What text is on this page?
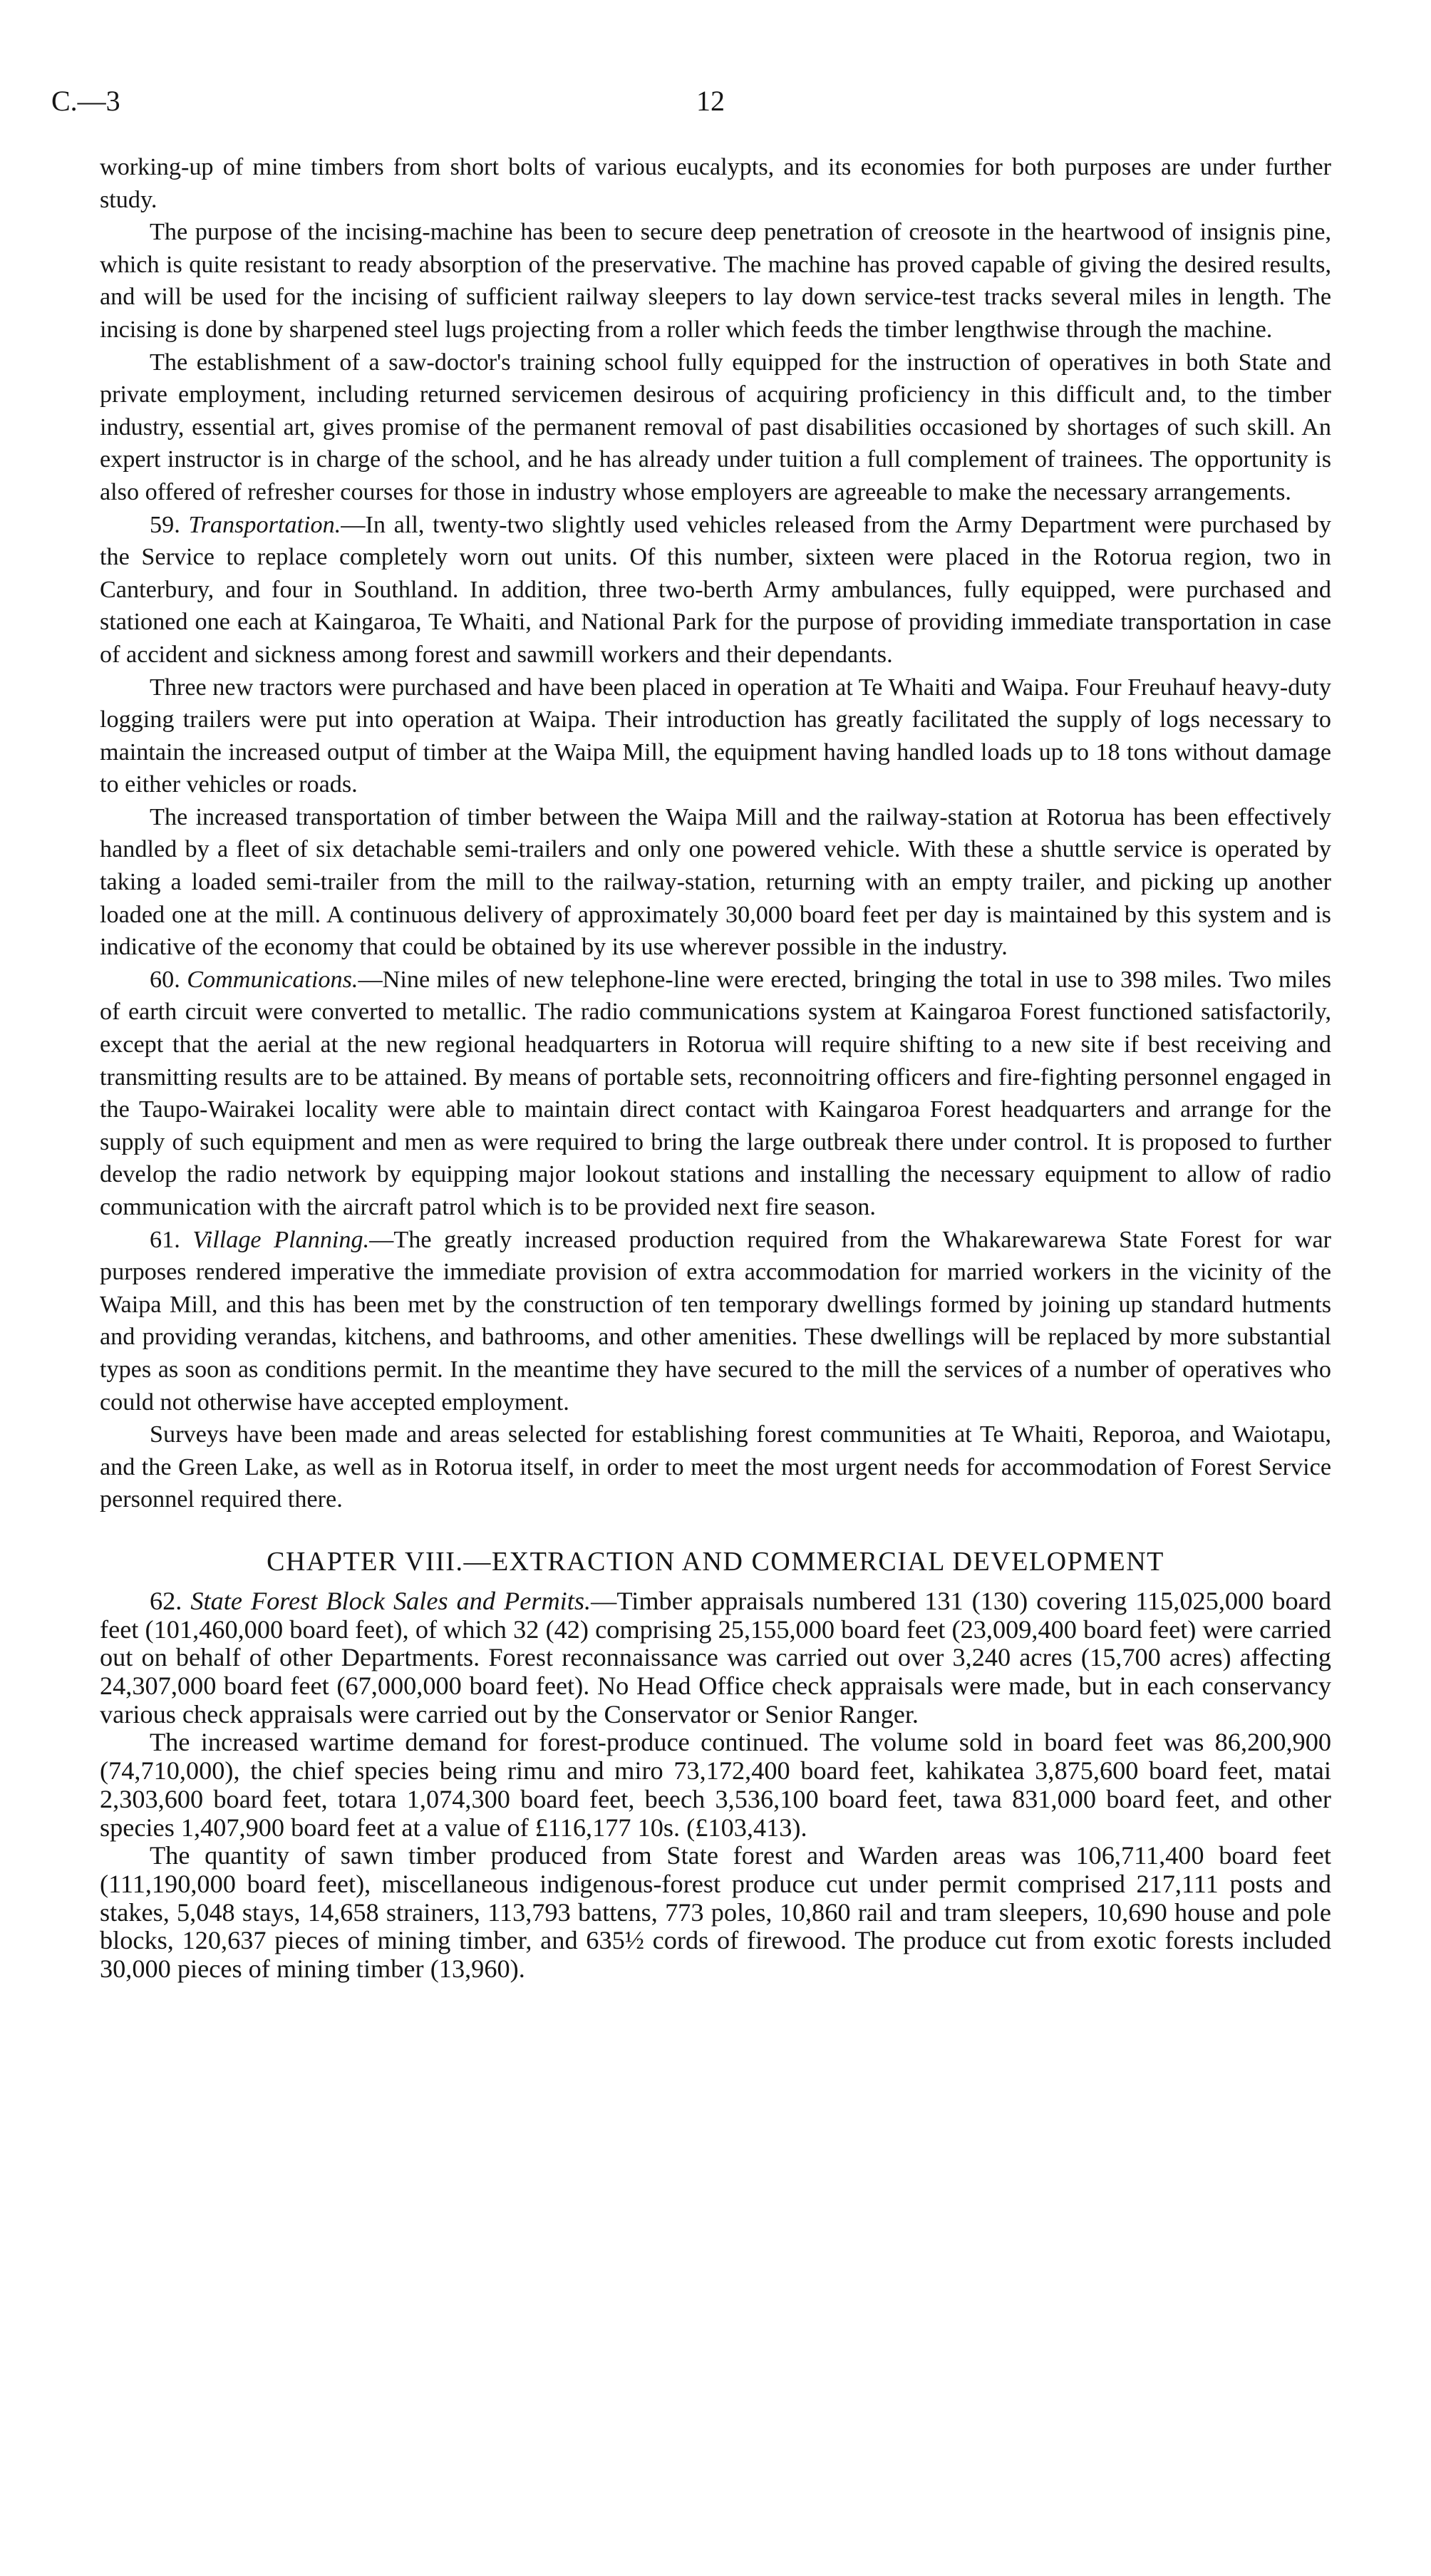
C.—3	12

working-up of mine timbers from short bolts of various eucalypts, and its economies for both purposes are under further study.

The purpose of the incising-machine has been to secure deep penetration of creosote in the heartwood of insignis pine, which is quite resistant to ready absorption of the preservative. The machine has proved capable of giving the desired results, and will be used for the incising of sufficient railway sleepers to lay down service-test tracks several miles in length. The incising is done by sharpened steel lugs projecting from a roller which feeds the timber lengthwise through the machine.

The establishment of a saw-doctor's training school fully equipped for the instruction of operatives in both State and private employment, including returned servicemen desirous of acquiring proficiency in this difficult and, to the timber industry, essential art, gives promise of the permanent removal of past disabilities occasioned by shortages of such skill. An expert instructor is in charge of the school, and he has already under tuition a full complement of trainees. The opportunity is also offered of refresher courses for those in industry whose employers are agreeable to make the necessary arrangements.

59. Transportation.—In all, twenty-two slightly used vehicles released from the Army Department were purchased by the Service to replace completely worn out units. Of this number, sixteen were placed in the Rotorua region, two in Canterbury, and four in Southland. In addition, three two-berth Army ambulances, fully equipped, were purchased and stationed one each at Kaingaroa, Te Whaiti, and National Park for the purpose of providing immediate transportation in case of accident and sickness among forest and sawmill workers and their dependants.

Three new tractors were purchased and have been placed in operation at Te Whaiti and Waipa. Four Freuhauf heavy-duty logging trailers were put into operation at Waipa. Their introduction has greatly facilitated the supply of logs necessary to maintain the increased output of timber at the Waipa Mill, the equipment having handled loads up to 18 tons without damage to either vehicles or roads.

The increased transportation of timber between the Waipa Mill and the railway-station at Rotorua has been effectively handled by a fleet of six detachable semi-trailers and only one powered vehicle. With these a shuttle service is operated by taking a loaded semi-trailer from the mill to the railway-station, returning with an empty trailer, and picking up another loaded one at the mill. A continuous delivery of approximately 30,000 board feet per day is maintained by this system and is indicative of the economy that could be obtained by its use wherever possible in the industry.

60. Communications.—Nine miles of new telephone-line were erected, bringing the total in use to 398 miles. Two miles of earth circuit were converted to metallic. The radio communications system at Kaingaroa Forest functioned satisfactorily, except that the aerial at the new regional headquarters in Rotorua will require shifting to a new site if best receiving and transmitting results are to be attained. By means of portable sets, reconnoitring officers and fire-fighting personnel engaged in the Taupo-Wairakei locality were able to maintain direct contact with Kaingaroa Forest headquarters and arrange for the supply of such equipment and men as were required to bring the large outbreak there under control. It is proposed to further develop the radio network by equipping major lookout stations and installing the necessary equipment to allow of radio communication with the aircraft patrol which is to be provided next fire season.

61. Village Planning.—The greatly increased production required from the Whakarewarewa State Forest for war purposes rendered imperative the immediate provision of extra accommodation for married workers in the vicinity of the Waipa Mill, and this has been met by the construction of ten temporary dwellings formed by joining up standard hutments and providing verandas, kitchens, and bathrooms, and other amenities. These dwellings will be replaced by more substantial types as soon as conditions permit. In the meantime they have secured to the mill the services of a number of operatives who could not otherwise have accepted employment.

Surveys have been made and areas selected for establishing forest communities at Te Whaiti, Reporoa, and Waiotapu, and the Green Lake, as well as in Rotorua itself, in order to meet the most urgent needs for accommodation of Forest Service personnel required there.

CHAPTER VIII.—EXTRACTION AND COMMERCIAL DEVELOPMENT

62. State Forest Block Sales and Permits.—Timber appraisals numbered 131 (130) covering 115,025,000 board feet (101,460,000 board feet), of which 32 (42) comprising 25,155,000 board feet (23,009,400 board feet) were carried out on behalf of other Departments. Forest reconnaissance was carried out over 3,240 acres (15,700 acres) affecting 24,307,000 board feet (67,000,000 board feet). No Head Office check appraisals were made, but in each conservancy various check appraisals were carried out by the Conservator or Senior Ranger.

The increased wartime demand for forest-produce continued. The volume sold in board feet was 86,200,900 (74,710,000), the chief species being rimu and miro 73,172,400 board feet, kahikatea 3,875,600 board feet, matai 2,303,600 board feet, totara 1,074,300 board feet, beech 3,536,100 board feet, tawa 831,000 board feet, and other species 1,407,900 board feet at a value of £116,177 10s. (£103,413).

The quantity of sawn timber produced from State forest and Warden areas was 106,711,400 board feet (111,190,000 board feet), miscellaneous indigenous-forest produce cut under permit comprised 217,111 posts and stakes, 5,048 stays, 14,658 strainers, 113,793 battens, 773 poles, 10,860 rail and tram sleepers, 10,690 house and pole blocks, 120,637 pieces of mining timber, and 635½ cords of firewood. The produce cut from exotic forests included 30,000 pieces of mining timber (13,960).
